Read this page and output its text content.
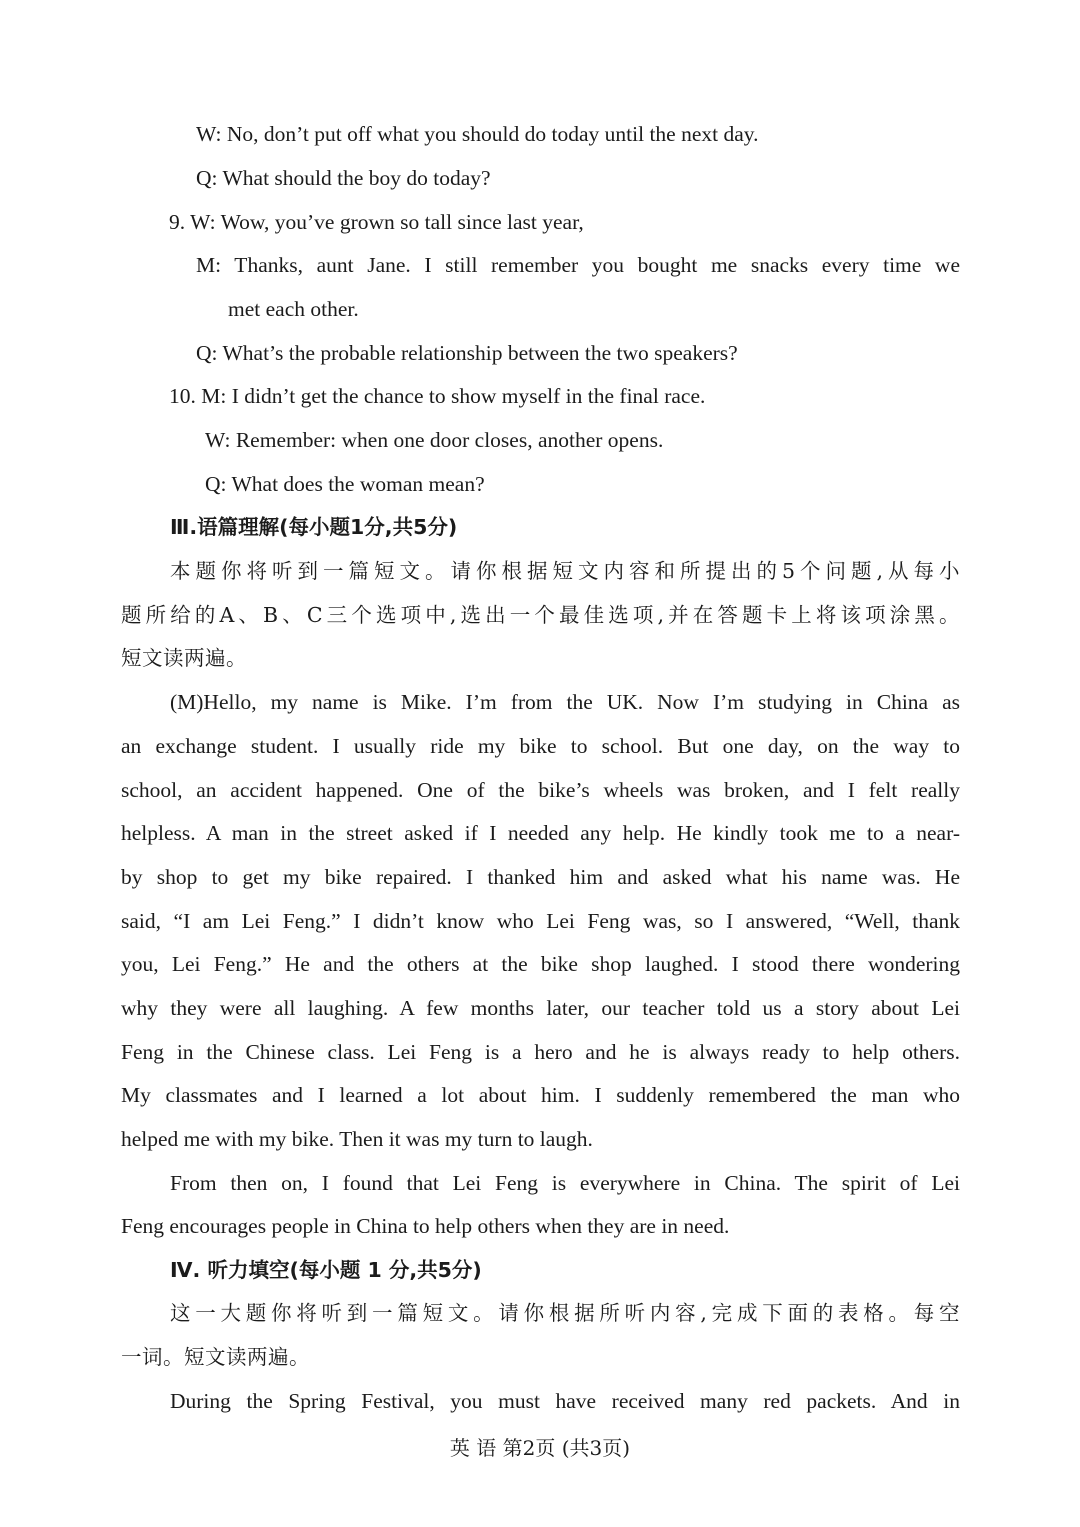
W: No, don’t put off what you should do today until the next day.

Q: What should the boy do today?

9. W: Wow, you’ve grown so tall since last year,

M: Thanks, aunt Jane. I still remember you bought me snacks every time we

met each other.

Q: What’s the probable relationship between the two speakers?

10. M: I didn’t get the chance to show myself in the final race.

W: Remember: when one door closes, another opens.

Q: What does the woman mean?

Ⅲ.语篇理解(每小题1分,共5分)

本题你将听到一篇短文。请你根据短文内容和所提出的5个问题,从每小

题所给的A、B、C三个选项中,选出一个最佳选项,并在答题卡上将该项涂黑。

短文读两遍。

(M)Hello, my name is Mike. I’m from the UK. Now I’m studying in China as

an exchange student. I usually ride my bike to school. But one day, on the way to

school, an accident happened. One of the bike’s wheels was broken, and I felt really

helpless. A man in the street asked if I needed any help. He kindly took me to a near-

by shop to get my bike repaired. I thanked him and asked what his name was. He

said, “I am Lei Feng.” I didn’t know who Lei Feng was, so I answered, “Well, thank

you, Lei Feng.” He and the others at the bike shop laughed. I stood there wondering

why they were all laughing. A few months later, our teacher told us a story about Lei

Feng in the Chinese class. Lei Feng is a hero and he is always ready to help others.

My classmates and I learned a lot about him. I suddenly remembered the man who

helped me with my bike. Then it was my turn to laugh.

From then on, I found that Lei Feng is everywhere in China. The spirit of Lei

Feng encourages people in China to help others when they are in need.

Ⅳ. 听力填空(每小题 1 分,共5分)

这一大题你将听到一篇短文。请你根据所听内容,完成下面的表格。每空

一词。短文读两遍。

During the Spring Festival, you must have received many red packets. And in

英 语 第2页 (共3页)
